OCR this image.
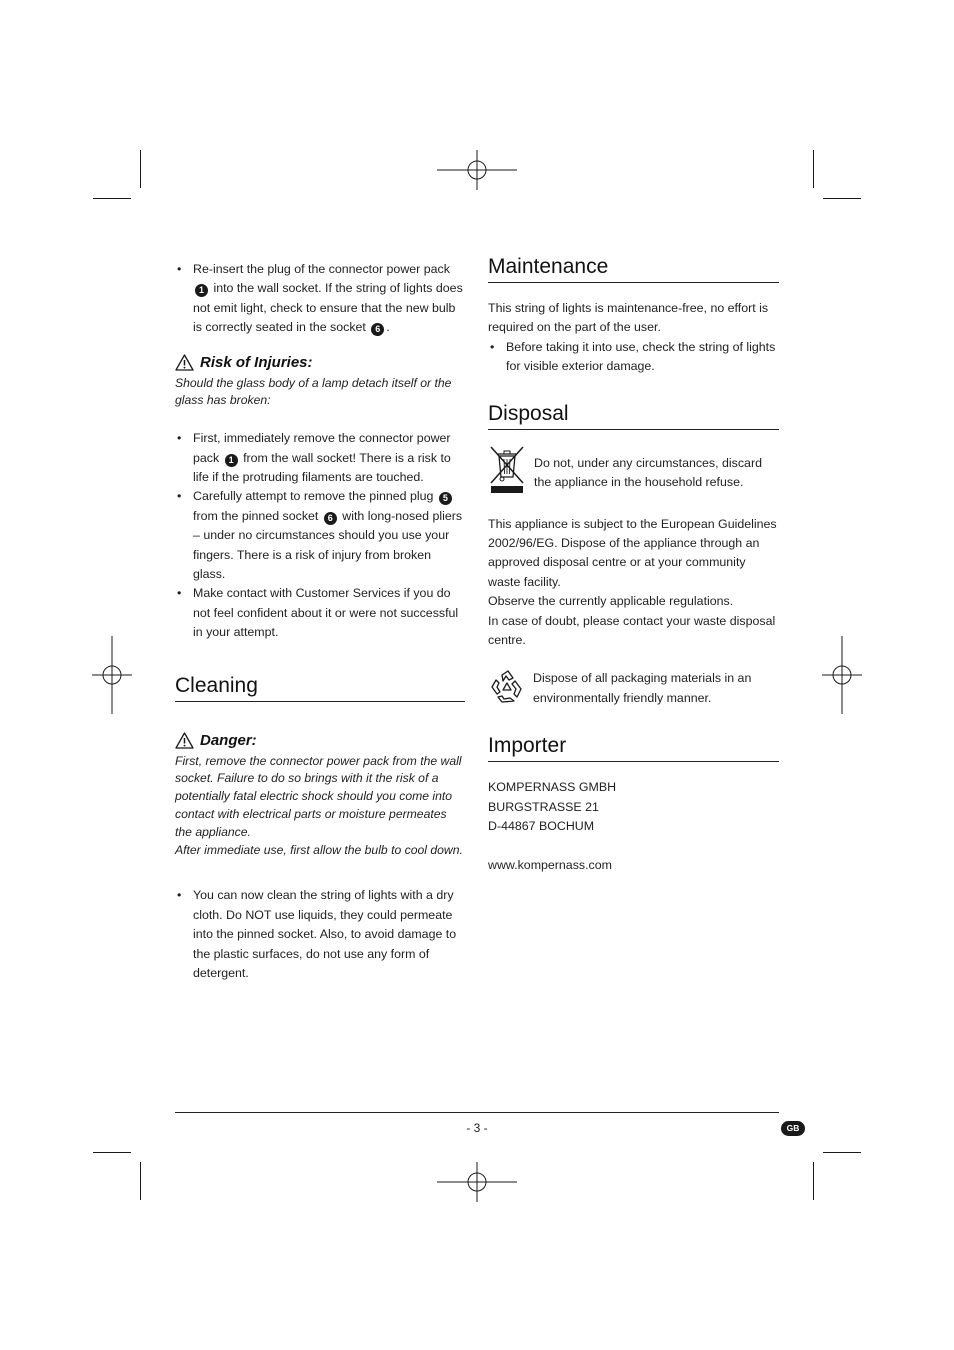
• Re-insert the plug of the connector power pack 1 into the wall socket. If the string of lights does not emit light, check to ensure that the new bulb is correctly seated in the socket 6 .
Risk of Injuries:
Should the glass body of a lamp detach itself or the glass has broken:
• First, immediately remove the connector power pack 1 from the wall socket! There is a risk to life if the protruding filaments are touched.
• Carefully attempt to remove the pinned plug 5 from the pinned socket 6 with long-nosed pliers – under no circumstances should you use your fingers. There is a risk of injury from broken glass.
• Make contact with Customer Services if you do not feel confident about it or were not successful in your attempt.
Cleaning
Danger:
First, remove the connector power pack from the wall socket. Failure to do so brings with it the risk of a potentially fatal electric shock should you come into contact with electrical parts or moisture permeates the appliance.
After immediate use, first allow the bulb to cool down.
• You can now clean the string of lights with a dry cloth. Do NOT use liquids, they could permeate into the pinned socket. Also, to avoid damage to the plastic surfaces, do not use any form of detergent.
Maintenance
This string of lights is maintenance-free, no effort is required on the part of the user.
• Before taking it into use, check the string of lights for visible exterior damage.
Disposal
Do not, under any circumstances, discard the appliance in the household refuse.
This appliance is subject to the European Guidelines 2002/96/EG. Dispose of the appliance through an approved disposal centre or at your community waste facility.
Observe the currently applicable regulations.
In case of doubt, please contact your waste disposal centre.
Dispose of all packaging materials in an environmentally friendly manner.
Importer
KOMPERNASS GMBH
BURGSTRASSE 21
D-44867 BOCHUM
www.kompernass.com
- 3 -	GB
